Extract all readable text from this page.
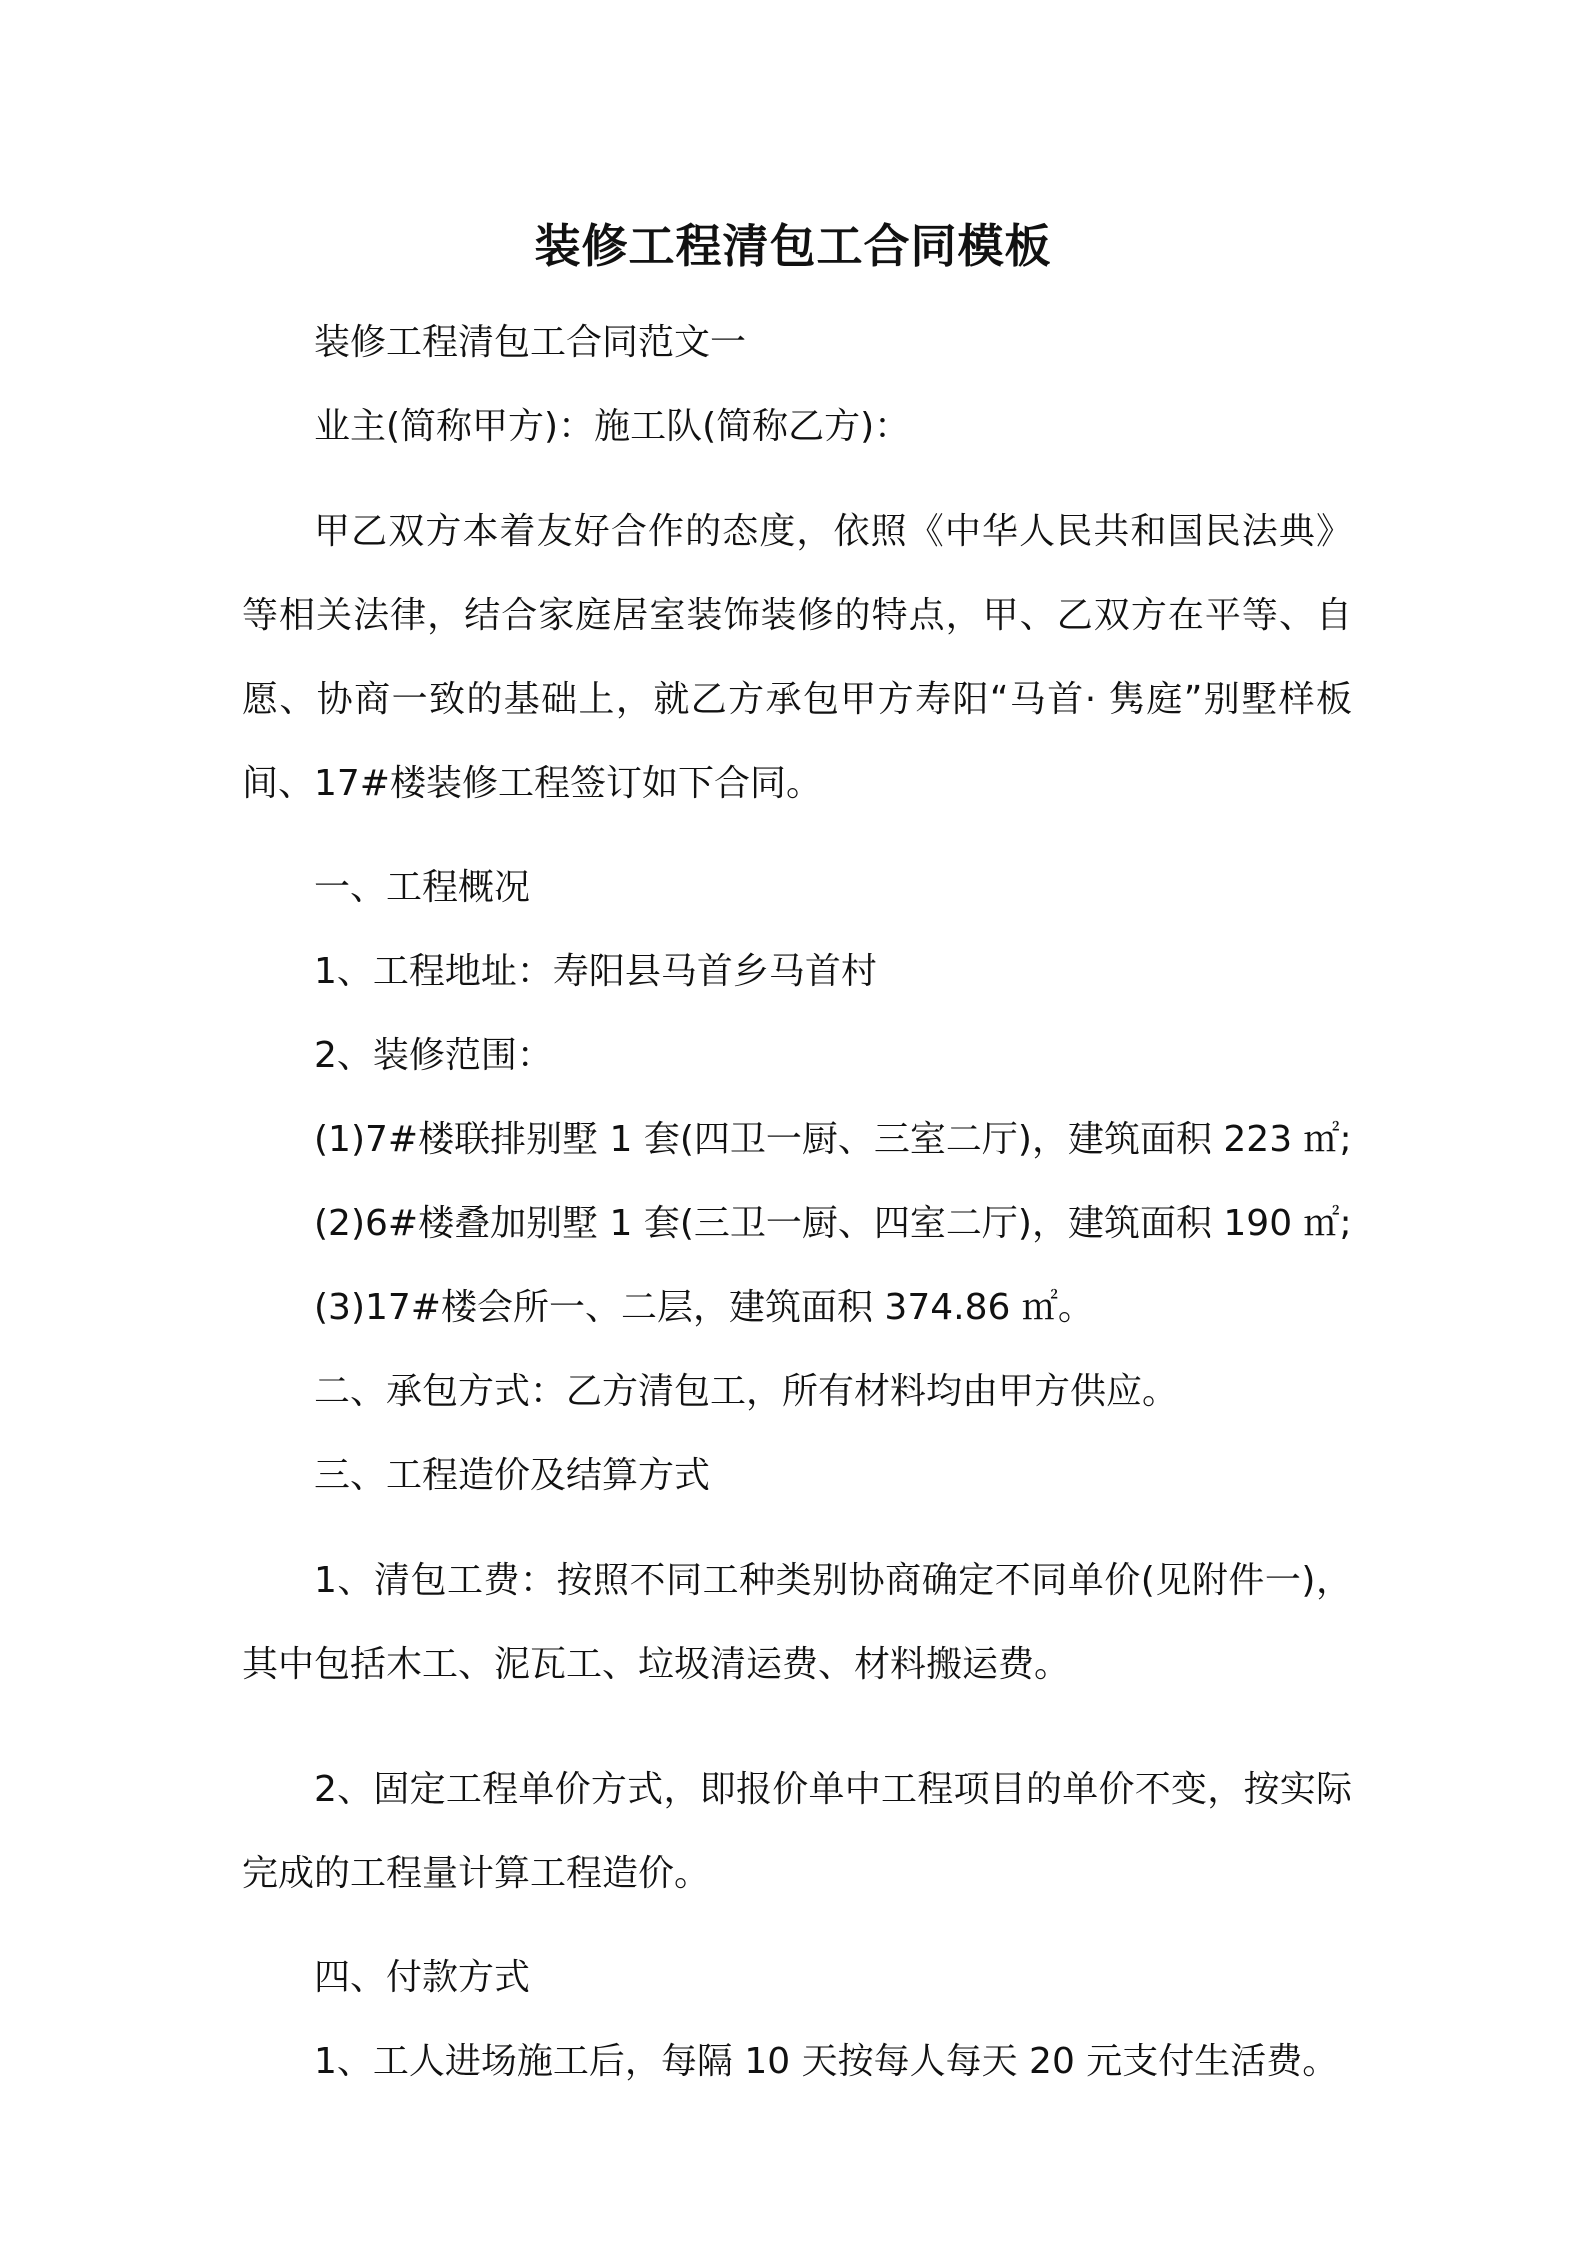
装修工程清包工合同模板

装修工程清包工合同范文一

业主(简称甲方)：施工队(简称乙方)：

甲乙双方本着友好合作的态度，依照《中华人民共和国民法典》等相关法律，结合家庭居室装饰装修的特点，甲、乙双方在平等、自愿、协商一致的基础上，就乙方承包甲方寿阳“马首· 隽庭”别墅样板间、17#楼装修工程签订如下合同。

一、工程概况

1、工程地址：寿阳县马首乡马首村

2、装修范围：

(1)7#楼联排别墅 1 套(四卫一厨、三室二厅)，建筑面积 223 ㎡;

(2)6#楼叠加别墅 1 套(三卫一厨、四室二厅)，建筑面积 190 ㎡;

(3)17#楼会所一、二层，建筑面积 374.86 ㎡。

二、承包方式：乙方清包工，所有材料均由甲方供应。

三、工程造价及结算方式

1、清包工费：按照不同工种类别协商确定不同单价(见附件一)，其中包括木工、泥瓦工、垃圾清运费、材料搬运费。

2、固定工程单价方式，即报价单中工程项目的单价不变，按实际完成的工程量计算工程造价。

四、付款方式

1、工人进场施工后，每隔 10 天按每人每天 20 元支付生活费。
